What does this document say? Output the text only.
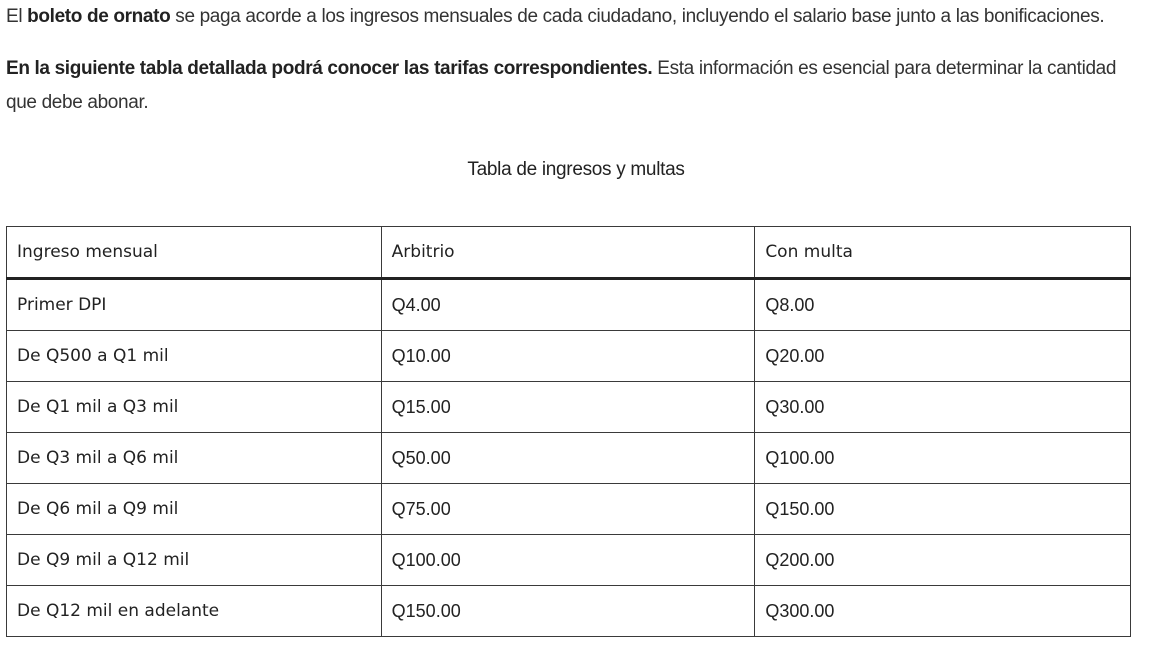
El boleto de ornato se paga acorde a los ingresos mensuales de cada ciudadano, incluyendo el salario base junto a las bonificaciones.

En la siguiente tabla detallada podrá conocer las tarifas correspondientes. Esta información es esencial para determinar la cantidad que debe abonar.

Tabla de ingresos y multas
Ingreso mensual	Arbitrio	Con multa
Primer DPI	Q4.00	Q8.00
De Q500 a Q1 mil	Q10.00	Q20.00
De Q1 mil a Q3 mil	Q15.00	Q30.00
De Q3 mil a Q6 mil	Q50.00	Q100.00
De Q6 mil a Q9 mil	Q75.00	Q150.00
De Q9 mil a Q12 mil	Q100.00	Q200.00
De Q12 mil en adelante	Q150.00	Q300.00
